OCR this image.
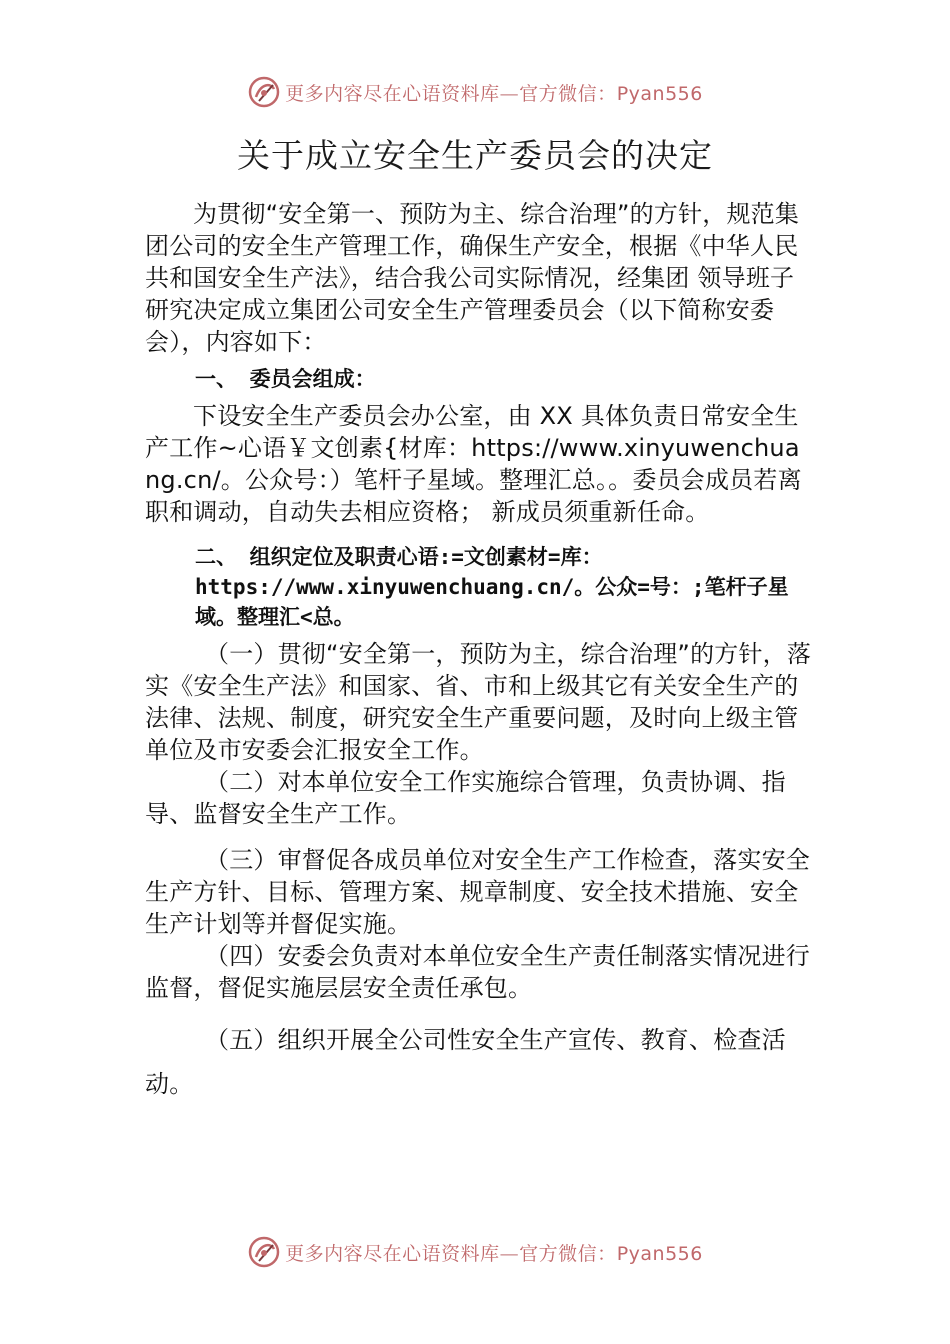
更多内容尽在心语资料库—官方微信：Pyan556
关于成立安全生产委员会的决定

为贯彻“安全第一、预防为主、综合治理”的方针，规范集团公司的安全生产管理工作，确保生产安全，根据《中华人民共和国安全生产法》，结合我公司实际情况，经集团 领导班子研究决定成立集团公司安全生产管理委员会（以下简称安委会），内容如下：

一、 委员会组成：

下设安全生产委员会办公室，由 XX 具体负责日常安全生产工作~心语￥文创素{材库：https://www.xinyuwenchuang.cn/。公众号：）笔杆子星域。整理汇总。。委员会成员若离职和调动，自动失去相应资格； 新成员须重新任命。

二、 组织定位及职责心语:=文创素材=库：

https://www.xinyuwenchuang.cn/。公众=号：;笔杆子星域。整理汇<总。

（一）贯彻“安全第一，预防为主，综合治理”的方针，落实《安全生产法》和国家、省、市和上级其它有关安全生产的法律、法规、制度，研究安全生产重要问题，及时向上级主管单位及市安委会汇报安全工作。

（二）对本单位安全工作实施综合管理，负责协调、指导、监督安全生产工作。

（三）审督促各成员单位对安全生产工作检查，落实安全生产方针、目标、管理方案、规章制度、安全技术措施、安全生产计划等并督促实施。

（四）安委会负责对本单位安全生产责任制落实情况进行监督，督促实施层层安全责任承包。

（五）组织开展全公司性安全生产宣传、教育、检查活动。

更多内容尽在心语资料库—官方微信：Pyan556
